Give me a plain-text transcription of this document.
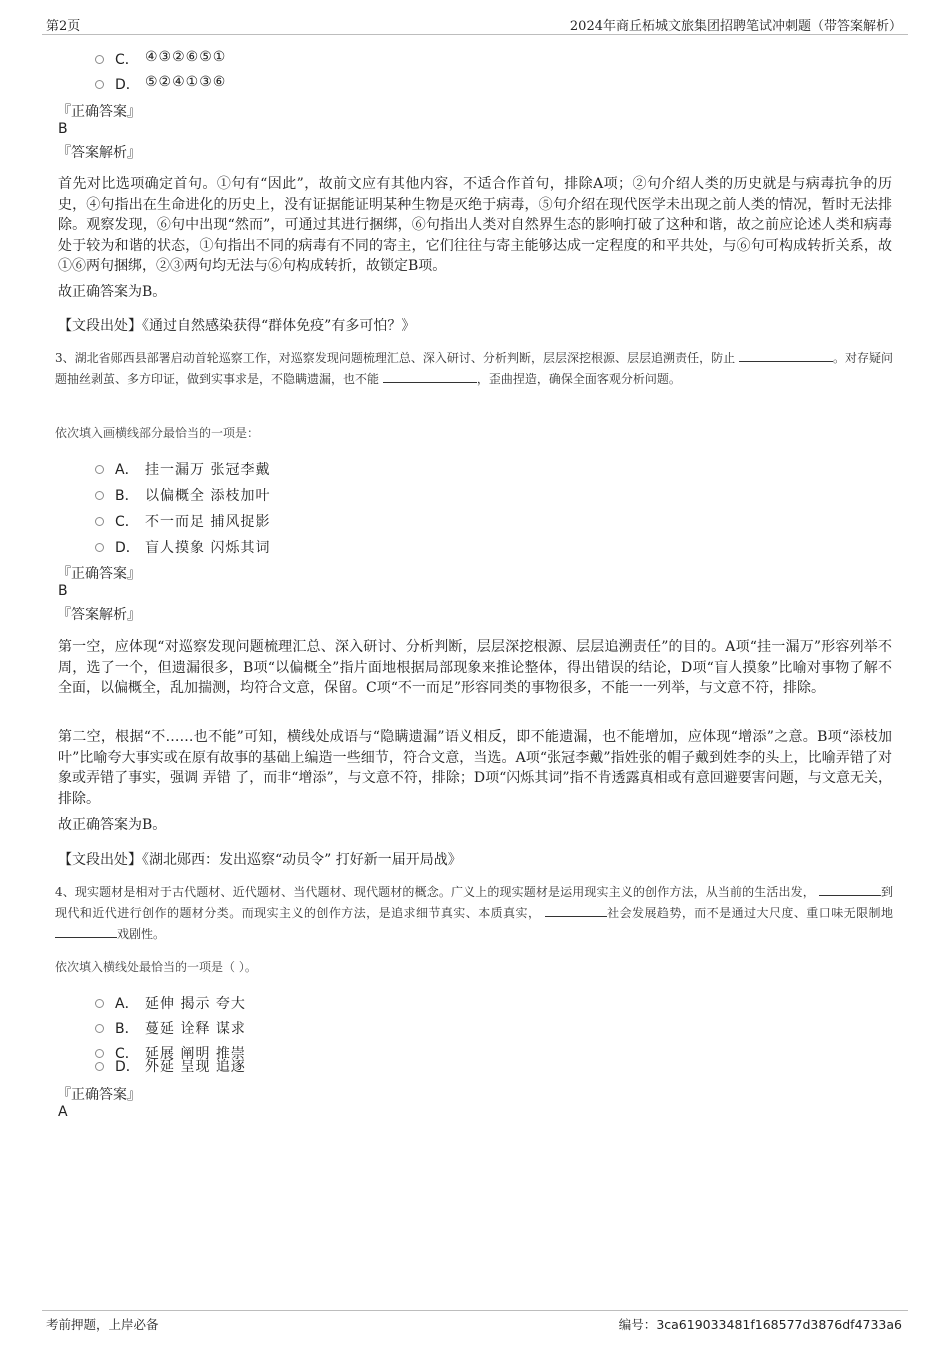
第2页	2024年商丘柘城文旅集团招聘笔试冲刺题（带答案解析）
C． ④③②⑥⑤①
D． ⑤②④①③⑥
『正确答案』
B
『答案解析』
首先对比选项确定首句。①句有“因此”，故前文应有其他内容，不适合作首句，排除A项；②句介绍人类的历史就是与病毒抗争的历史，④句指出在生命进化的历史上，没有证据能证明某种生物是灭绝于病毒，⑤句介绍在现代医学未出现之前人类的情况，暂时无法排除。观察发现，⑥句中出现“然而”，可通过其进行捆绑，⑥句指出人类对自然界生态的影响打破了这种和谐，故之前应论述人类和病毒处于较为和谐的状态，①句指出不同的病毒有不同的寄主，它们往往与寄主能够达成一定程度的和平共处，与⑥句可构成转折关系，故①⑥两句捆绑，②③两句均无法与⑥句构成转折，故锁定B项。
故正确答案为B。
【文段出处】《通过自然感染获得“群体免疫”有多可怕？》
3、湖北省郧西县部署启动首轮巡察工作，对巡察发现问题梳理汇总、深入研讨、分析判断，层层深挖根源、层层追溯责任，防止	。对存疑问题抽丝剥茧、多方印证，做到实事求是，不隐瞒遗漏，也不能	，歪曲捏造，确保全面客观分析问题。
依次填入画横线部分最恰当的一项是：
A． 挂一漏万 张冠李戴
B． 以偏概全 添枝加叶
C． 不一而足 捕风捉影
D． 盲人摸象 闪烁其词
『正确答案』
B
『答案解析』
第一空，应体现“对巡察发现问题梳理汇总、深入研讨、分析判断，层层深挖根源、层层追溯责任”的目的。A项“挂一漏万”形容列举不周，选了一个，但遗漏很多，B项“以偏概全”指片面地根据局部现象来推论整体，得出错误的结论，D项“盲人摸象”比喻对事物了解不全面，以偏概全，乱加揣测，均符合文意，保留。C项“不一而足”形容同类的事物很多，不能一一列举，与文意不符，排除。
第二空，根据“不……也不能”可知，横线处成语与“隐瞒遗漏”语义相反，即不能遗漏，也不能增加，应体现“增添”之意。B项“添枝加叶”比喻夸大事实或在原有故事的基础上编造一些细节，符合文意，当选。A项“张冠李戴”指姓张的帽子戴到姓李的头上，比喻弄错了对象或弄错了事实，强调 弄错 了，而非“增添”，与文意不符，排除；D项“闪烁其词”指不肯透露真相或有意回避要害问题，与文意无关，排除。
故正确答案为B。
【文段出处】《湖北郧西：发出巡察“动员令” 打好新一届开局战》
4、现实题材是相对于古代题材、近代题材、当代题材、现代题材的概念。广义上的现实题材是运用现实主义的创作方法，从当前的生活出发，	到现代和近代进行创作的题材分类。而现实主义的创作方法，是追求细节真实、本质真实，	社会发展趋势，而不是通过大尺度、重口味无限制地 戏剧性。
依次填入横线处最恰当的一项是（ ）。
A． 延伸 揭示 夸大
B． 蔓延 诠释 谋求
C． 延展 阐明 推崇
D． 外延 呈现 追逐
『正确答案』
A
考前押题，上岸必备	编号：3ca619033481f168577d3876df4733a6
